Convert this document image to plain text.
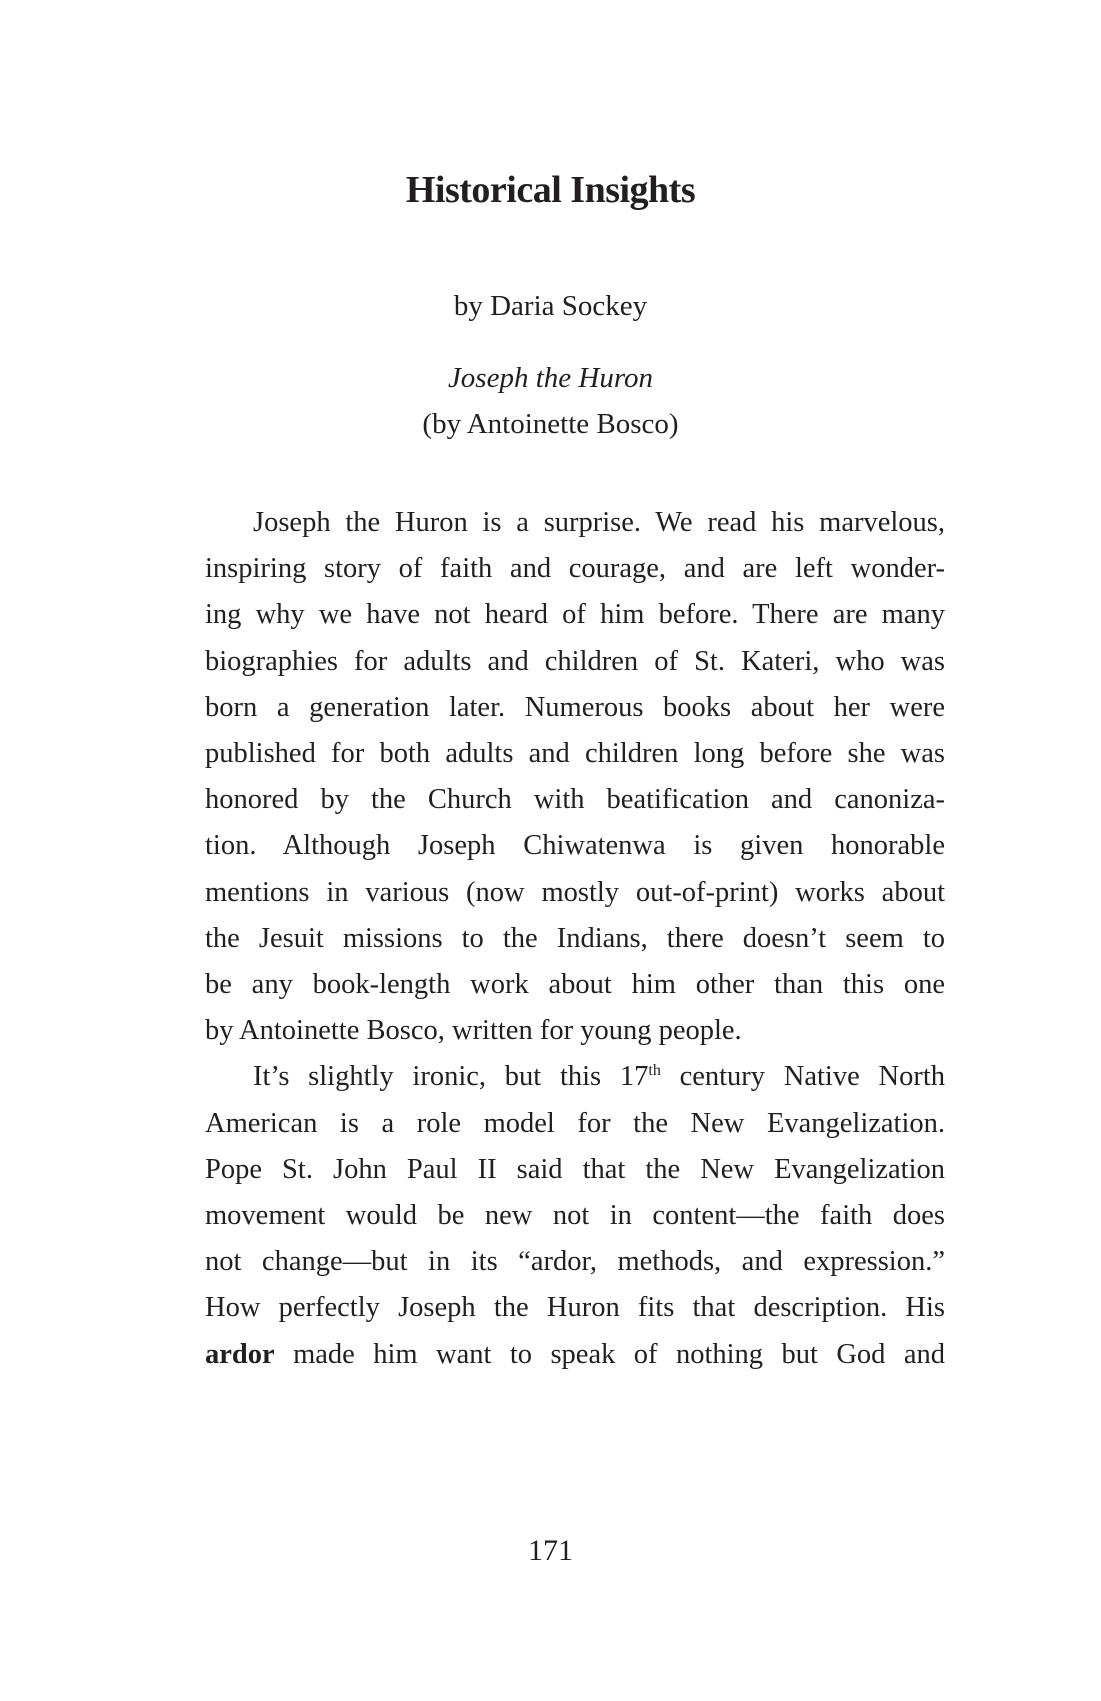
Historical Insights
by Daria Sockey
Joseph the Huron
(by Antoinette Bosco)
Joseph the Huron is a surprise. We read his marvelous,
inspiring story of faith and courage, and are left wonder-
ing why we have not heard of him before. There are many
biographies for adults and children of St. Kateri, who was
born a generation later. Numerous books about her were
published for both adults and children long before she was
honored by the Church with beatification and canoniza-
tion. Although Joseph Chiwatenwa is given honorable
mentions in various (now mostly out-of-print) works about
the Jesuit missions to the Indians, there doesn’t seem to
be any book-length work about him other than this one
by Antoinette Bosco, written for young people.
It’s slightly ironic, but this 17th century Native North
American is a role model for the New Evangelization.
Pope St. John Paul II said that the New Evangelization
movement would be new not in content—the faith does
not change—but in its “ardor, methods, and expression.”
How perfectly Joseph the Huron fits that description. His
ardor made him want to speak of nothing but God and
171
